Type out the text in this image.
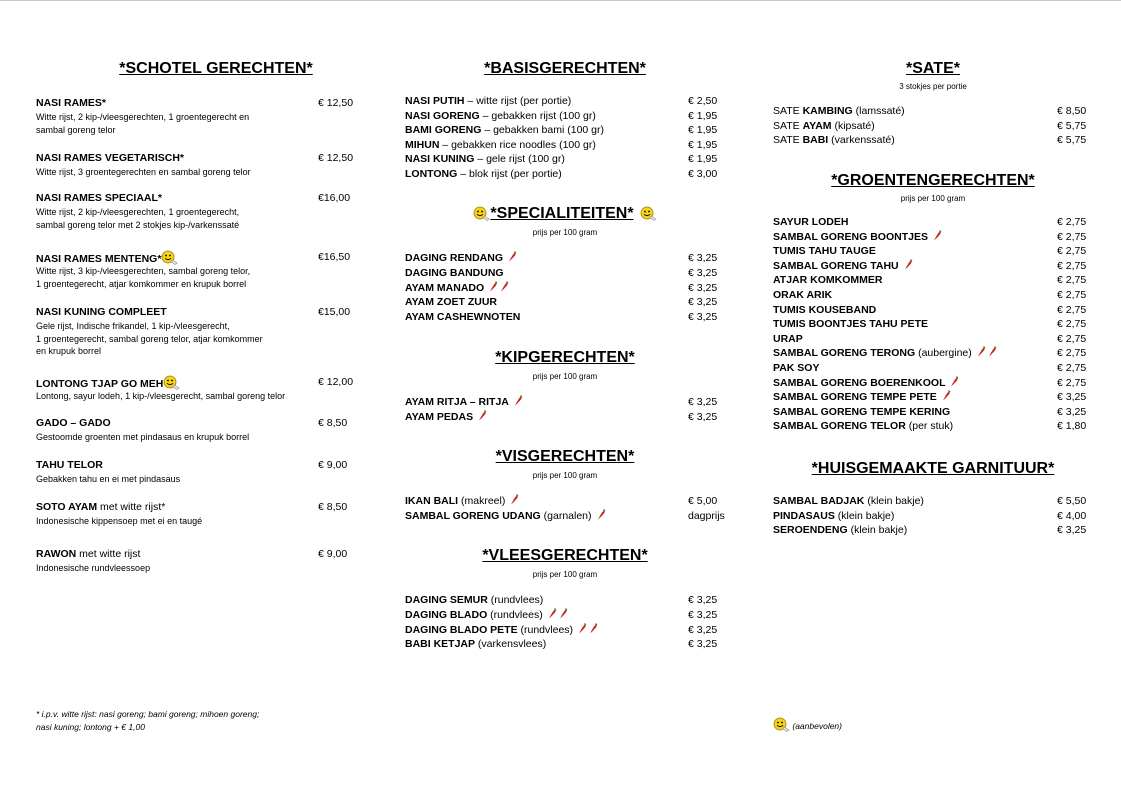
*SCHOTEL GERECHTEN*
NASI RAMES*	€ 12,50
Witte rijst, 2 kip-/vleesgerechten, 1 groentegerecht en
sambal goreng telor
NASI RAMES VEGETARISCH*	€ 12,50
Witte rijst, 3 groentegerechten en sambal goreng telor
NASI RAMES SPECIAAL*	€16,00
Witte rijst, 2 kip-/vleesgerechten, 1 groentegerecht,
sambal goreng telor met 2 stokjes kip-/varkenssaté
NASI RAMES MENTENG*	€16,50
Witte rijst, 3 kip-/vleesgerechten, sambal goreng telor,
1 groentegerecht, atjar komkommer en krupuk borrel
NASI KUNING COMPLEET	€15,00
Gele rijst, Indische frikandel, 1 kip-/vleesgerecht,
1 groentegerecht, sambal goreng telor, atjar komkommer
en krupuk borrel
LONTONG TJAP GO MEH	€ 12,00
Lontong, sayur lodeh, 1 kip-/vleesgerecht, sambal goreng telor
GADO – GADO	€ 8,50
Gestoomde groenten met pindasaus en krupuk borrel
TAHU TELOR	€ 9,00
Gebakken tahu en ei met pindasaus
SOTO AYAM met witte rijst*	€ 8,50
Indonesische kippensoep met ei en taugé
RAWON met witte rijst	€ 9,00
Indonesische rundvleessoep
* i.p.v. witte rijst: nasi goreng; bami goreng; mihoen goreng;
nasi kuning; lontong + € 1,00
*BASISGERECHTEN*
NASI PUTIH – witte rijst (per portie)	€ 2,50
NASI GORENG – gebakken rijst (100 gr)	€ 1,95
BAMI GORENG – gebakken bami (100 gr)	€ 1,95
MIHUN – gebakken rice noodles (100 gr)	€ 1,95
NASI KUNING – gele rijst (100 gr)	€ 1,95
LONTONG – blok rijst (per portie)	€ 3,00
*SPECIALITEITEN*
prijs per 100 gram
DAGING RENDANG	€ 3,25
DAGING BANDUNG	€ 3,25
AYAM MANADO	€ 3,25
AYAM ZOET ZUUR	€ 3,25
AYAM CASHEWNOTEN	€ 3,25
*KIPGERECHTEN*
prijs per 100 gram
AYAM RITJA – RITJA	€ 3,25
AYAM PEDAS	€ 3,25
*VISGERECHTEN*
prijs per 100 gram
IKAN BALI (makreel)	€ 5,00
SAMBAL GORENG UDANG (garnalen)	dagprijs
*VLEESGERECHTEN*
prijs per 100 gram
DAGING SEMUR (rundvlees)	€ 3,25
DAGING BLADO (rundvlees)	€ 3,25
DAGING BLADO PETE (rundvlees)	€ 3,25
BABI KETJAP (varkensvlees)	€ 3,25
*SATE*
3 stokjes per portie
SATE KAMBING (lamssaté)	€ 8,50
SATE AYAM (kipsaté)	€ 5,75
SATE BABI (varkenssaté)	€ 5,75
*GROENTENGERECHTEN*
prijs per 100 gram
SAYUR LODEH	€ 2,75
SAMBAL GORENG BOONTJES	€ 2,75
TUMIS TAHU TAUGE	€ 2,75
SAMBAL GORENG TAHU	€ 2,75
ATJAR KOMKOMMER	€ 2,75
ORAK ARIK	€ 2,75
TUMIS KOUSEBAND	€ 2,75
TUMIS BOONTJES TAHU PETE	€ 2,75
URAP	€ 2,75
SAMBAL GORENG TERONG (aubergine)	€ 2,75
PAK SOY	€ 2,75
SAMBAL GORENG BOERENKOOL	€ 2,75
SAMBAL GORENG TEMPE PETE	€ 3,25
SAMBAL GORENG TEMPE KERING	€ 3,25
SAMBAL GORENG TELOR (per stuk)	€ 1,80
*HUISGEMAAKTE GARNITUUR*
SAMBAL BADJAK (klein bakje)	€ 5,50
PINDASAUS (klein bakje)	€ 4,00
SEROENDENG (klein bakje)	€ 3,25
(aanbevolen)
